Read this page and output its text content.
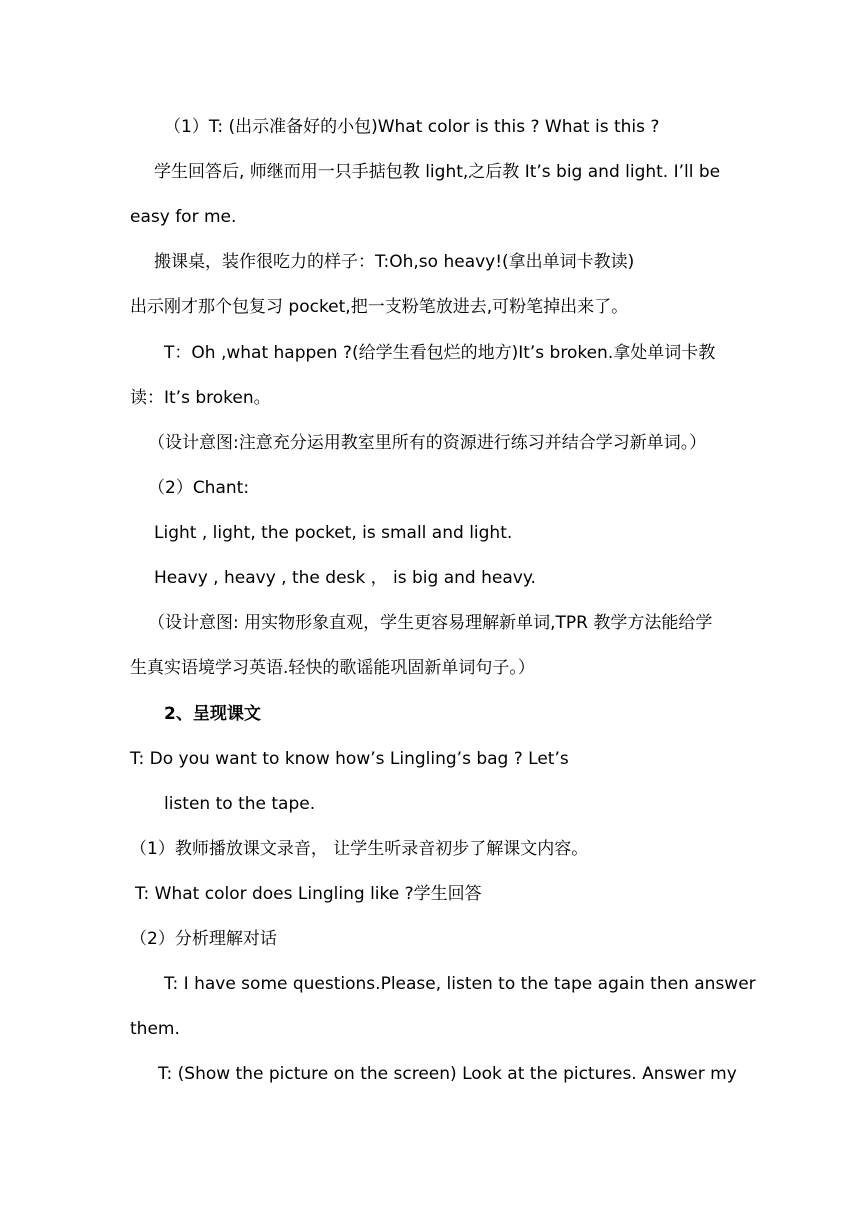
（1）T: (出示准备好的小包)What color is this ? What is this ?
学生回答后, 师继而用一只手掂包教 light,之后教 It’s big and light. I’ll be
easy for me.
搬课桌，装作很吃力的样子：T:Oh,so heavy!(拿出单词卡教读)
出示刚才那个包复习 pocket,把一支粉笔放进去,可粉笔掉出来了。
T：Oh ,what happen ?(给学生看包烂的地方)It’s broken.拿处单词卡教
读：It’s broken。
（设计意图:注意充分运用教室里所有的资源进行练习并结合学习新单词。）
（2）Chant:
Light , light, the pocket, is small and light.
Heavy , heavy , the desk ， is big and heavy.
（设计意图: 用实物形象直观，学生更容易理解新单词,TPR 教学方法能给学
生真实语境学习英语.轻快的歌谣能巩固新单词句子。）
2、呈现课文
T: Do you want to know how’s Lingling’s bag ? Let’s
listen to the tape.
（1）教师播放课文录音， 让学生听录音初步了解课文内容。
T: What color does Lingling like ?学生回答
（2）分析理解对话
T: I have some questions.Please, listen to the tape again then answer
them.
T: (Show the picture on the screen) Look at the pictures. Answer my
